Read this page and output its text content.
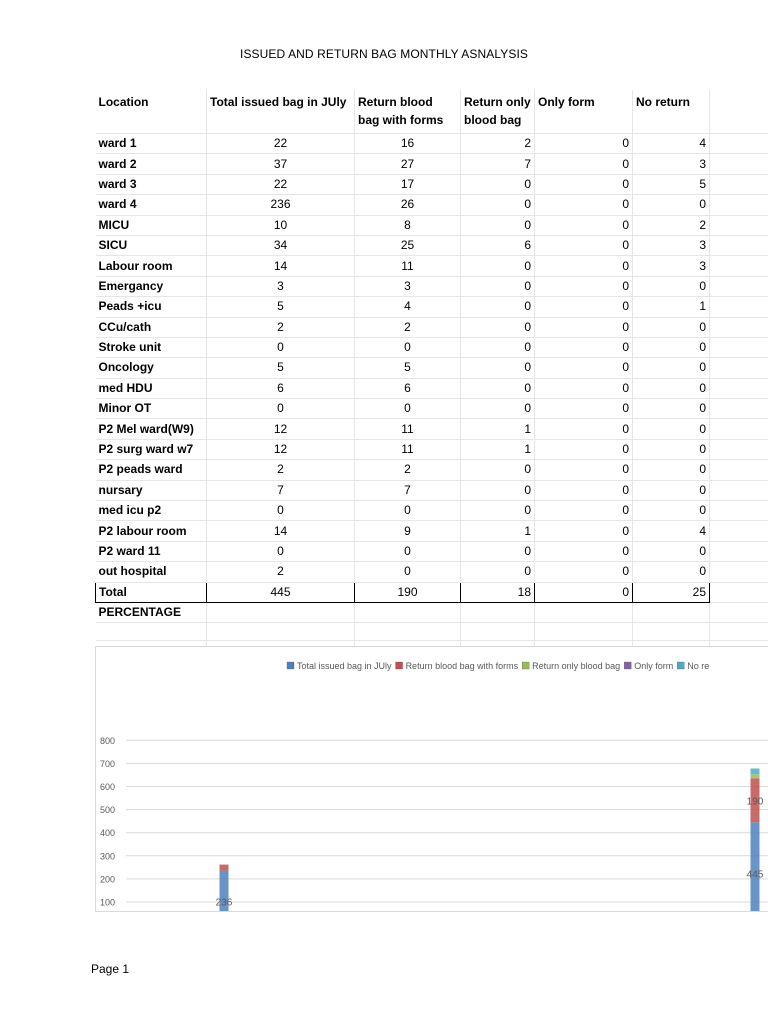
ISSUED AND RETURN BAG MONTHLY ASNALYSIS
Location	Total issued bag in JUly	Return blood bag with forms	Return only blood bag	Only form	No return	
ward 1	22	16	2	0	4	
ward 2	37	27	7	0	3	
ward 3	22	17	0	0	5	
ward 4	236	26	0	0	0	
MICU	10	8	0	0	2	
SICU	34	25	6	0	3	
Labour room	14	11	0	0	3	
Emergancy	3	3	0	0	0	
Peads +icu	5	4	0	0	1	
CCu/cath	2	2	0	0	0	
Stroke unit	0	0	0	0	0	
Oncology	5	5	0	0	0	
med HDU	6	6	0	0	0	
Minor OT	0	0	0	0	0	
P2 Mel ward(W9)	12	11	1	0	0	
P2 surg ward w7	12	11	1	0	0	
P2 peads ward	2	2	0	0	0	
nursary	7	7	0	0	0	
med icu p2	0	0	0	0	0	
P2 labour room	14	9	1	0	4	
P2 ward 11	0	0	0	0	0	
out hospital	2	0	0	0	0	
Total	445	190	18	0	25	
PERCENTAGE						

Total issued bag in JUly Return blood bag with forms Return only blood bag Only form No re
100
200
300
400
500
600
700
800
236
445
190
Page 1
